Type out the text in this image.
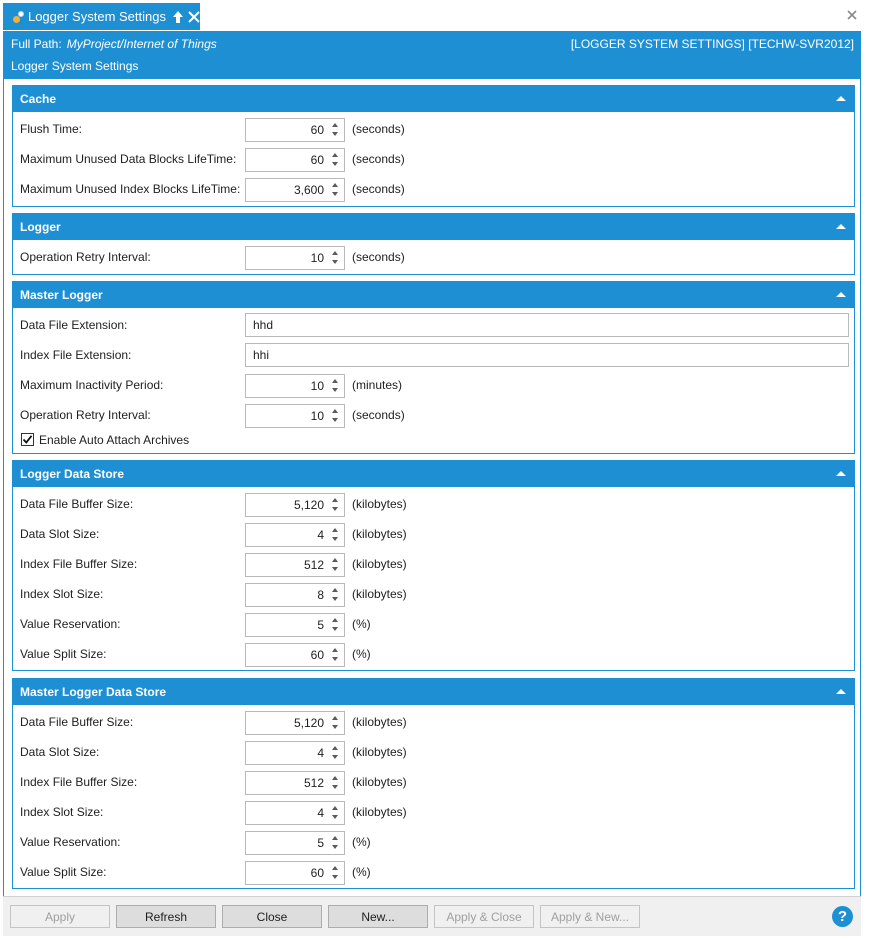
Logger System Settings
Full Path: MyProject/Internet of Things	[LOGGER SYSTEM SETTINGS] [TECHW-SVR2012]
Logger System Settings
Cache
Flush Time:	60 (seconds)
Maximum Unused Data Blocks LifeTime:	60 (seconds)
Maximum Unused Index Blocks LifeTime:	3,600 (seconds)
Logger
Operation Retry Interval:	10 (seconds)
Master Logger
Data File Extension:	hhd
Index File Extension:	hhi
Maximum Inactivity Period:	10 (minutes)
Operation Retry Interval:	10 (seconds)
Enable Auto Attach Archives
Logger Data Store
Data File Buffer Size:	5,120 (kilobytes)
Data Slot Size:	4 (kilobytes)
Index File Buffer Size:	512 (kilobytes)
Index Slot Size:	8 (kilobytes)
Value Reservation:	5 (%)
Value Split Size:	60 (%)
Master Logger Data Store
Data File Buffer Size:	5,120 (kilobytes)
Data Slot Size:	4 (kilobytes)
Index File Buffer Size:	512 (kilobytes)
Index Slot Size:	4 (kilobytes)
Value Reservation:	5 (%)
Value Split Size:	60 (%)
Apply	Refresh	Close	New...	Apply & Close	Apply & New...	?
